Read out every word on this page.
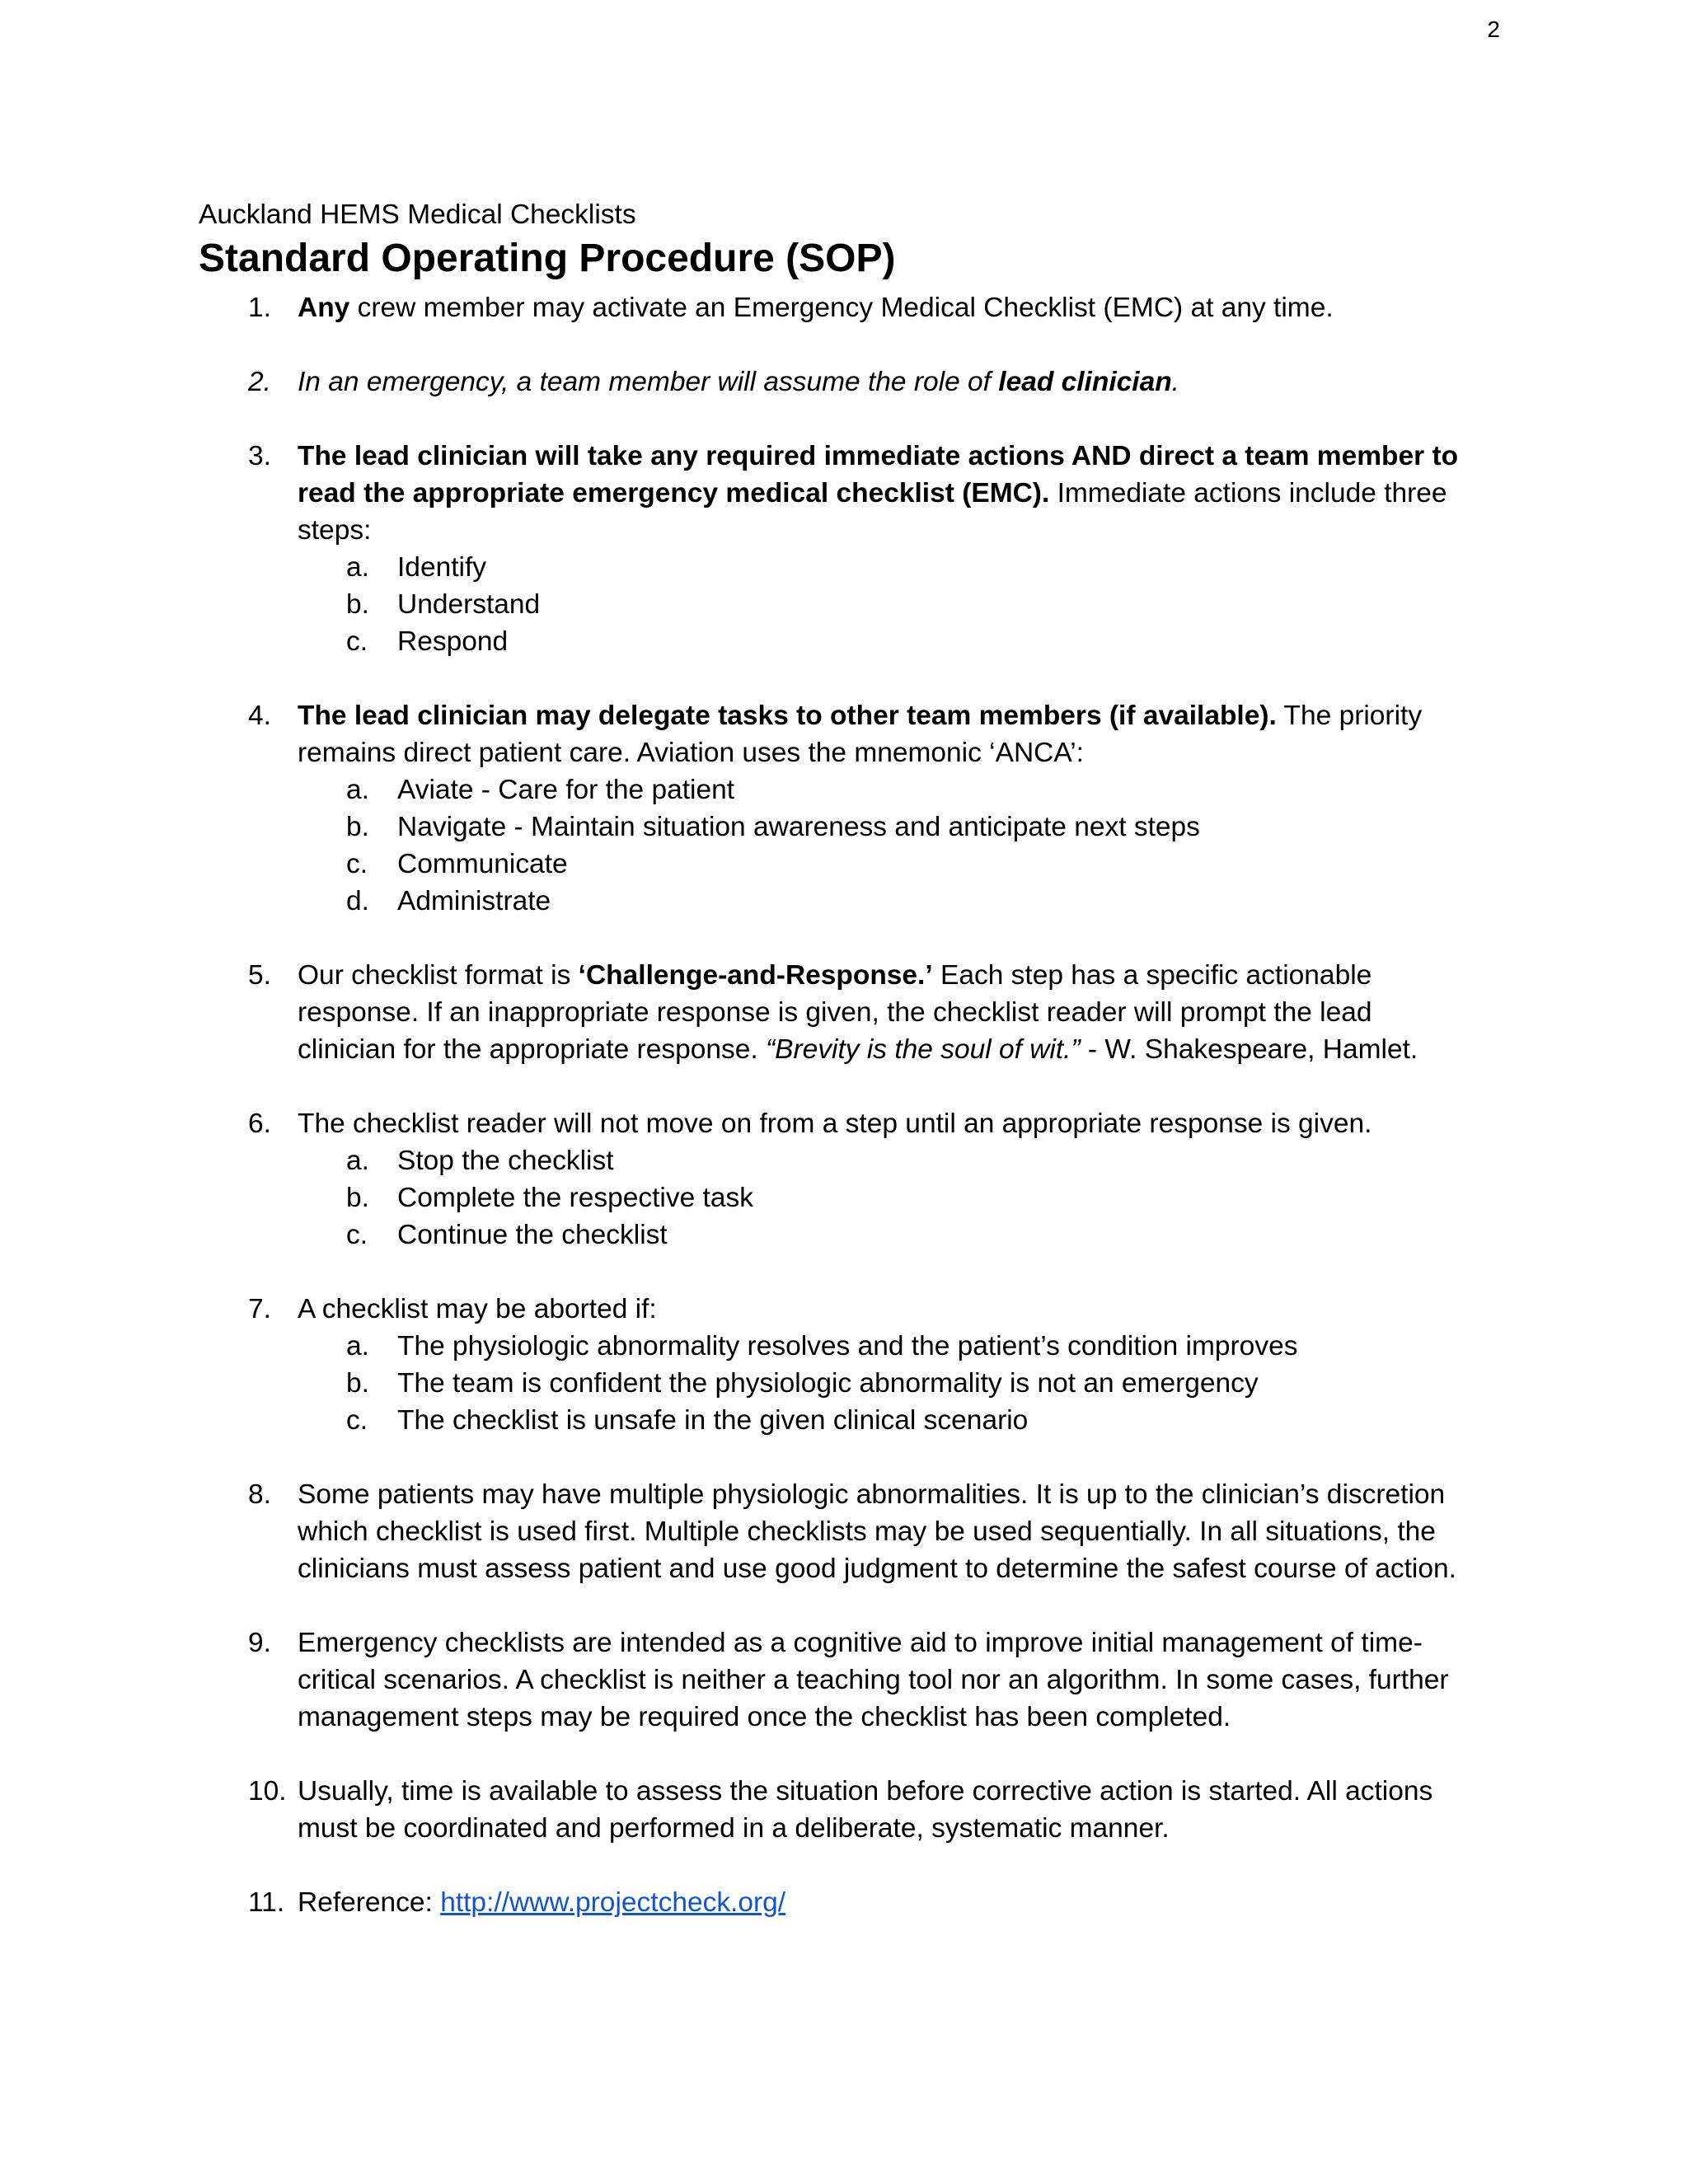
2
Auckland HEMS Medical Checklists
Standard Operating Procedure (SOP)
1. Any crew member may activate an Emergency Medical Checklist (EMC) at any time.
2. In an emergency, a team member will assume the role of lead clinician.
3. The lead clinician will take any required immediate actions AND direct a team member to read the appropriate emergency medical checklist (EMC). Immediate actions include three steps:
a.	Identify
b.	Understand
c.	Respond
4. The lead clinician may delegate tasks to other team members (if available). The priority remains direct patient care. Aviation uses the mnemonic ‘ANCA’:
a.	Aviate - Care for the patient
b.	Navigate - Maintain situation awareness and anticipate next steps
c.	Communicate
d.	Administrate
5. Our checklist format is ‘Challenge-and-Response.’ Each step has a specific actionable response. If an inappropriate response is given, the checklist reader will prompt the lead clinician for the appropriate response. “Brevity is the soul of wit.” - W. Shakespeare, Hamlet.
6. The checklist reader will not move on from a step until an appropriate response is given.
a.	Stop the checklist
b.	Complete the respective task
c.	Continue the checklist
7. A checklist may be aborted if:
a.	The physiologic abnormality resolves and the patient’s condition improves
b.	The team is confident the physiologic abnormality is not an emergency
c.	The checklist is unsafe in the given clinical scenario
8. Some patients may have multiple physiologic abnormalities. It is up to the clinician’s discretion which checklist is used first. Multiple checklists may be used sequentially. In all situations, the clinicians must assess patient and use good judgment to determine the safest course of action.
9. Emergency checklists are intended as a cognitive aid to improve initial management of time-critical scenarios. A checklist is neither a teaching tool nor an algorithm. In some cases, further management steps may be required once the checklist has been completed.
10. Usually, time is available to assess the situation before corrective action is started. All actions must be coordinated and performed in a deliberate, systematic manner.
11. Reference: http://www.projectcheck.org/
